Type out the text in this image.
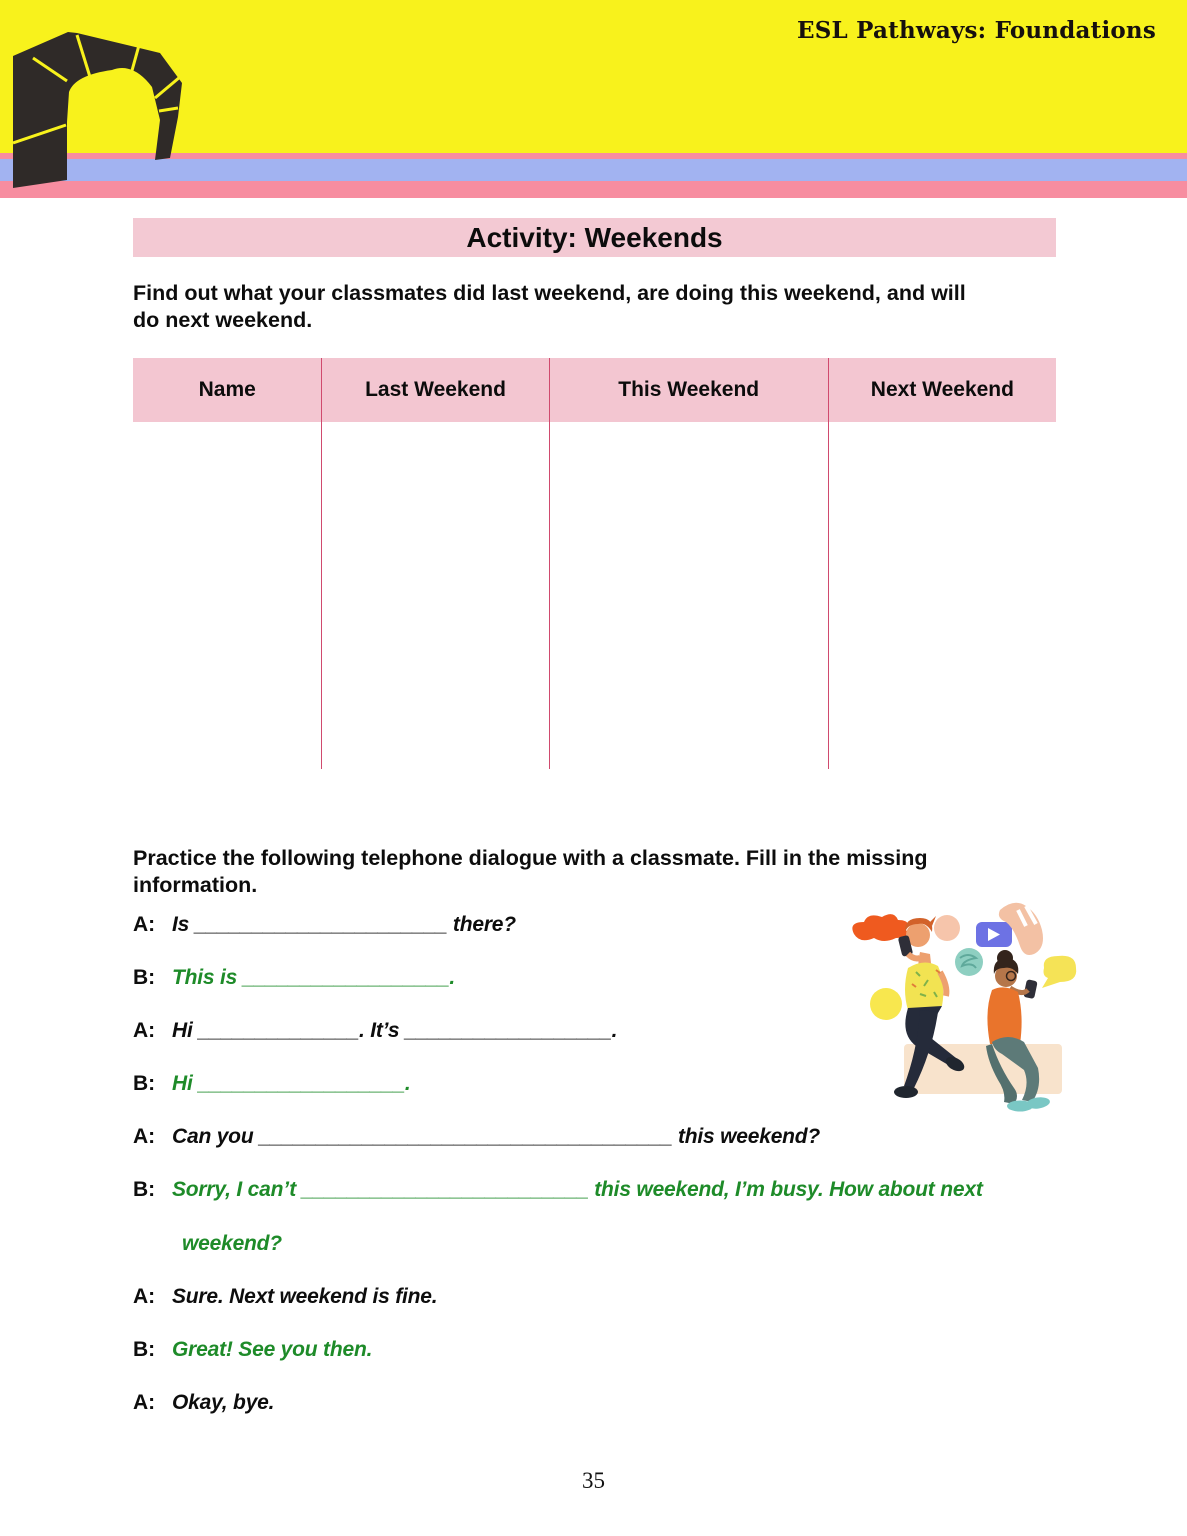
ESL Pathways: Foundations
Activity: Weekends
Find out what your classmates did last weekend, are doing this weekend, and will
do next weekend.
Name	Last Weekend	This Weekend	Next Weekend
Practice the following telephone dialogue with a classmate. Fill in the missing
information.
A: Is ______________________ there?
B: This is __________________.
A: Hi ______________. It’s __________________.
B: Hi __________________.
A: Can you ____________________________________ this weekend?
B: Sorry, I can’t _________________________ this weekend, I’m busy. How about next
weekend?
A: Sure. Next weekend is fine.
B: Great! See you then.
A: Okay, bye.
35
